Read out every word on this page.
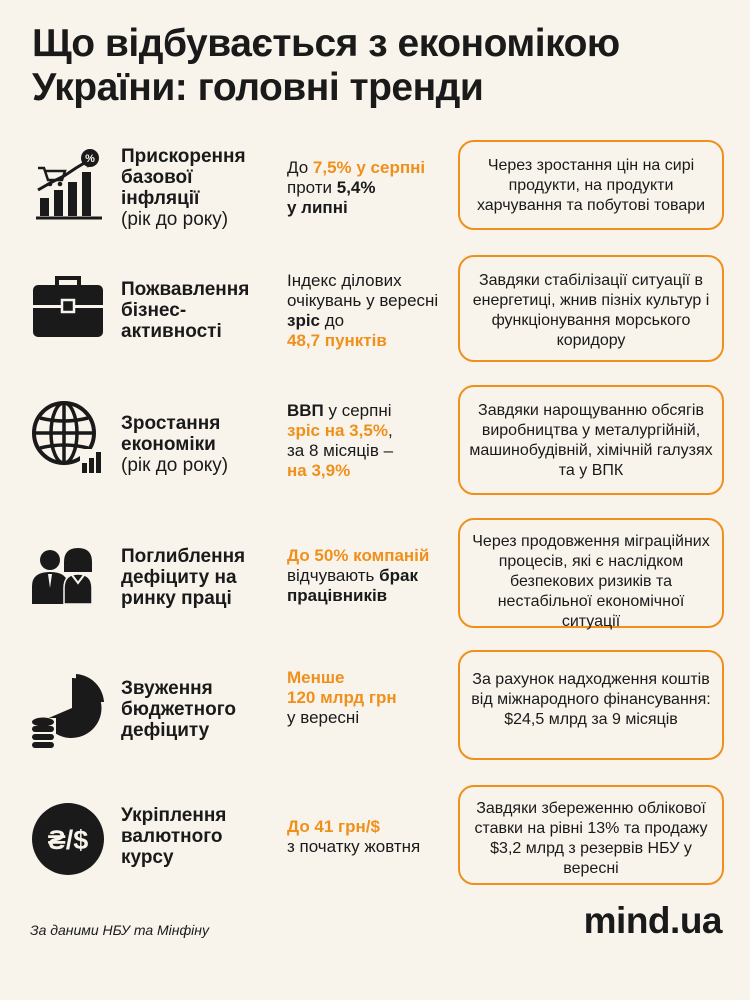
Що відбувається з економікою
України: головні тренди
% Прискорення
базової
інфляції
(рік до року)
До 7,5% у серпні
проти 5,4%
у липні
Через зростання цін на сирі продукти, на продукти харчування та побутові товари
Пожвавлення
бізнес-
активності
Індекс ділових очікувань у вересні зріс до
48,7 пунктів
Завдяки стабілізації ситуації в енергетиці, жнив пізніх культур і функціонування морського коридору
Зростання
економіки
(рік до року)
ВВП у серпні
зріс на 3,5%,
за 8 місяців –
на 3,9%
Завдяки нарощуванню обсягів виробництва у металургійній, машинобудівній, хімічній галузях та у ВПК
Поглиблення
дефіциту на
ринку праці
До 50% компаній
відчувають брак
працівників
Через продовження міграційних процесів, які є наслідком безпекових ризиків та нестабільної економічної ситуації
Звуження
бюджетного
дефіциту
Менше
120 млрд грн
у вересні
За рахунок надходження коштів від міжнародного фінансування: $24,5 млрд за 9 місяців
₴/$
Укріплення
валютного
курсу
До 41 грн/$
з початку жовтня
Завдяки збереженню облікової ставки на рівні 13% та продажу $3,2 млрд з резервів НБУ у вересні
За даними НБУ та Мінфіну	mind.ua
